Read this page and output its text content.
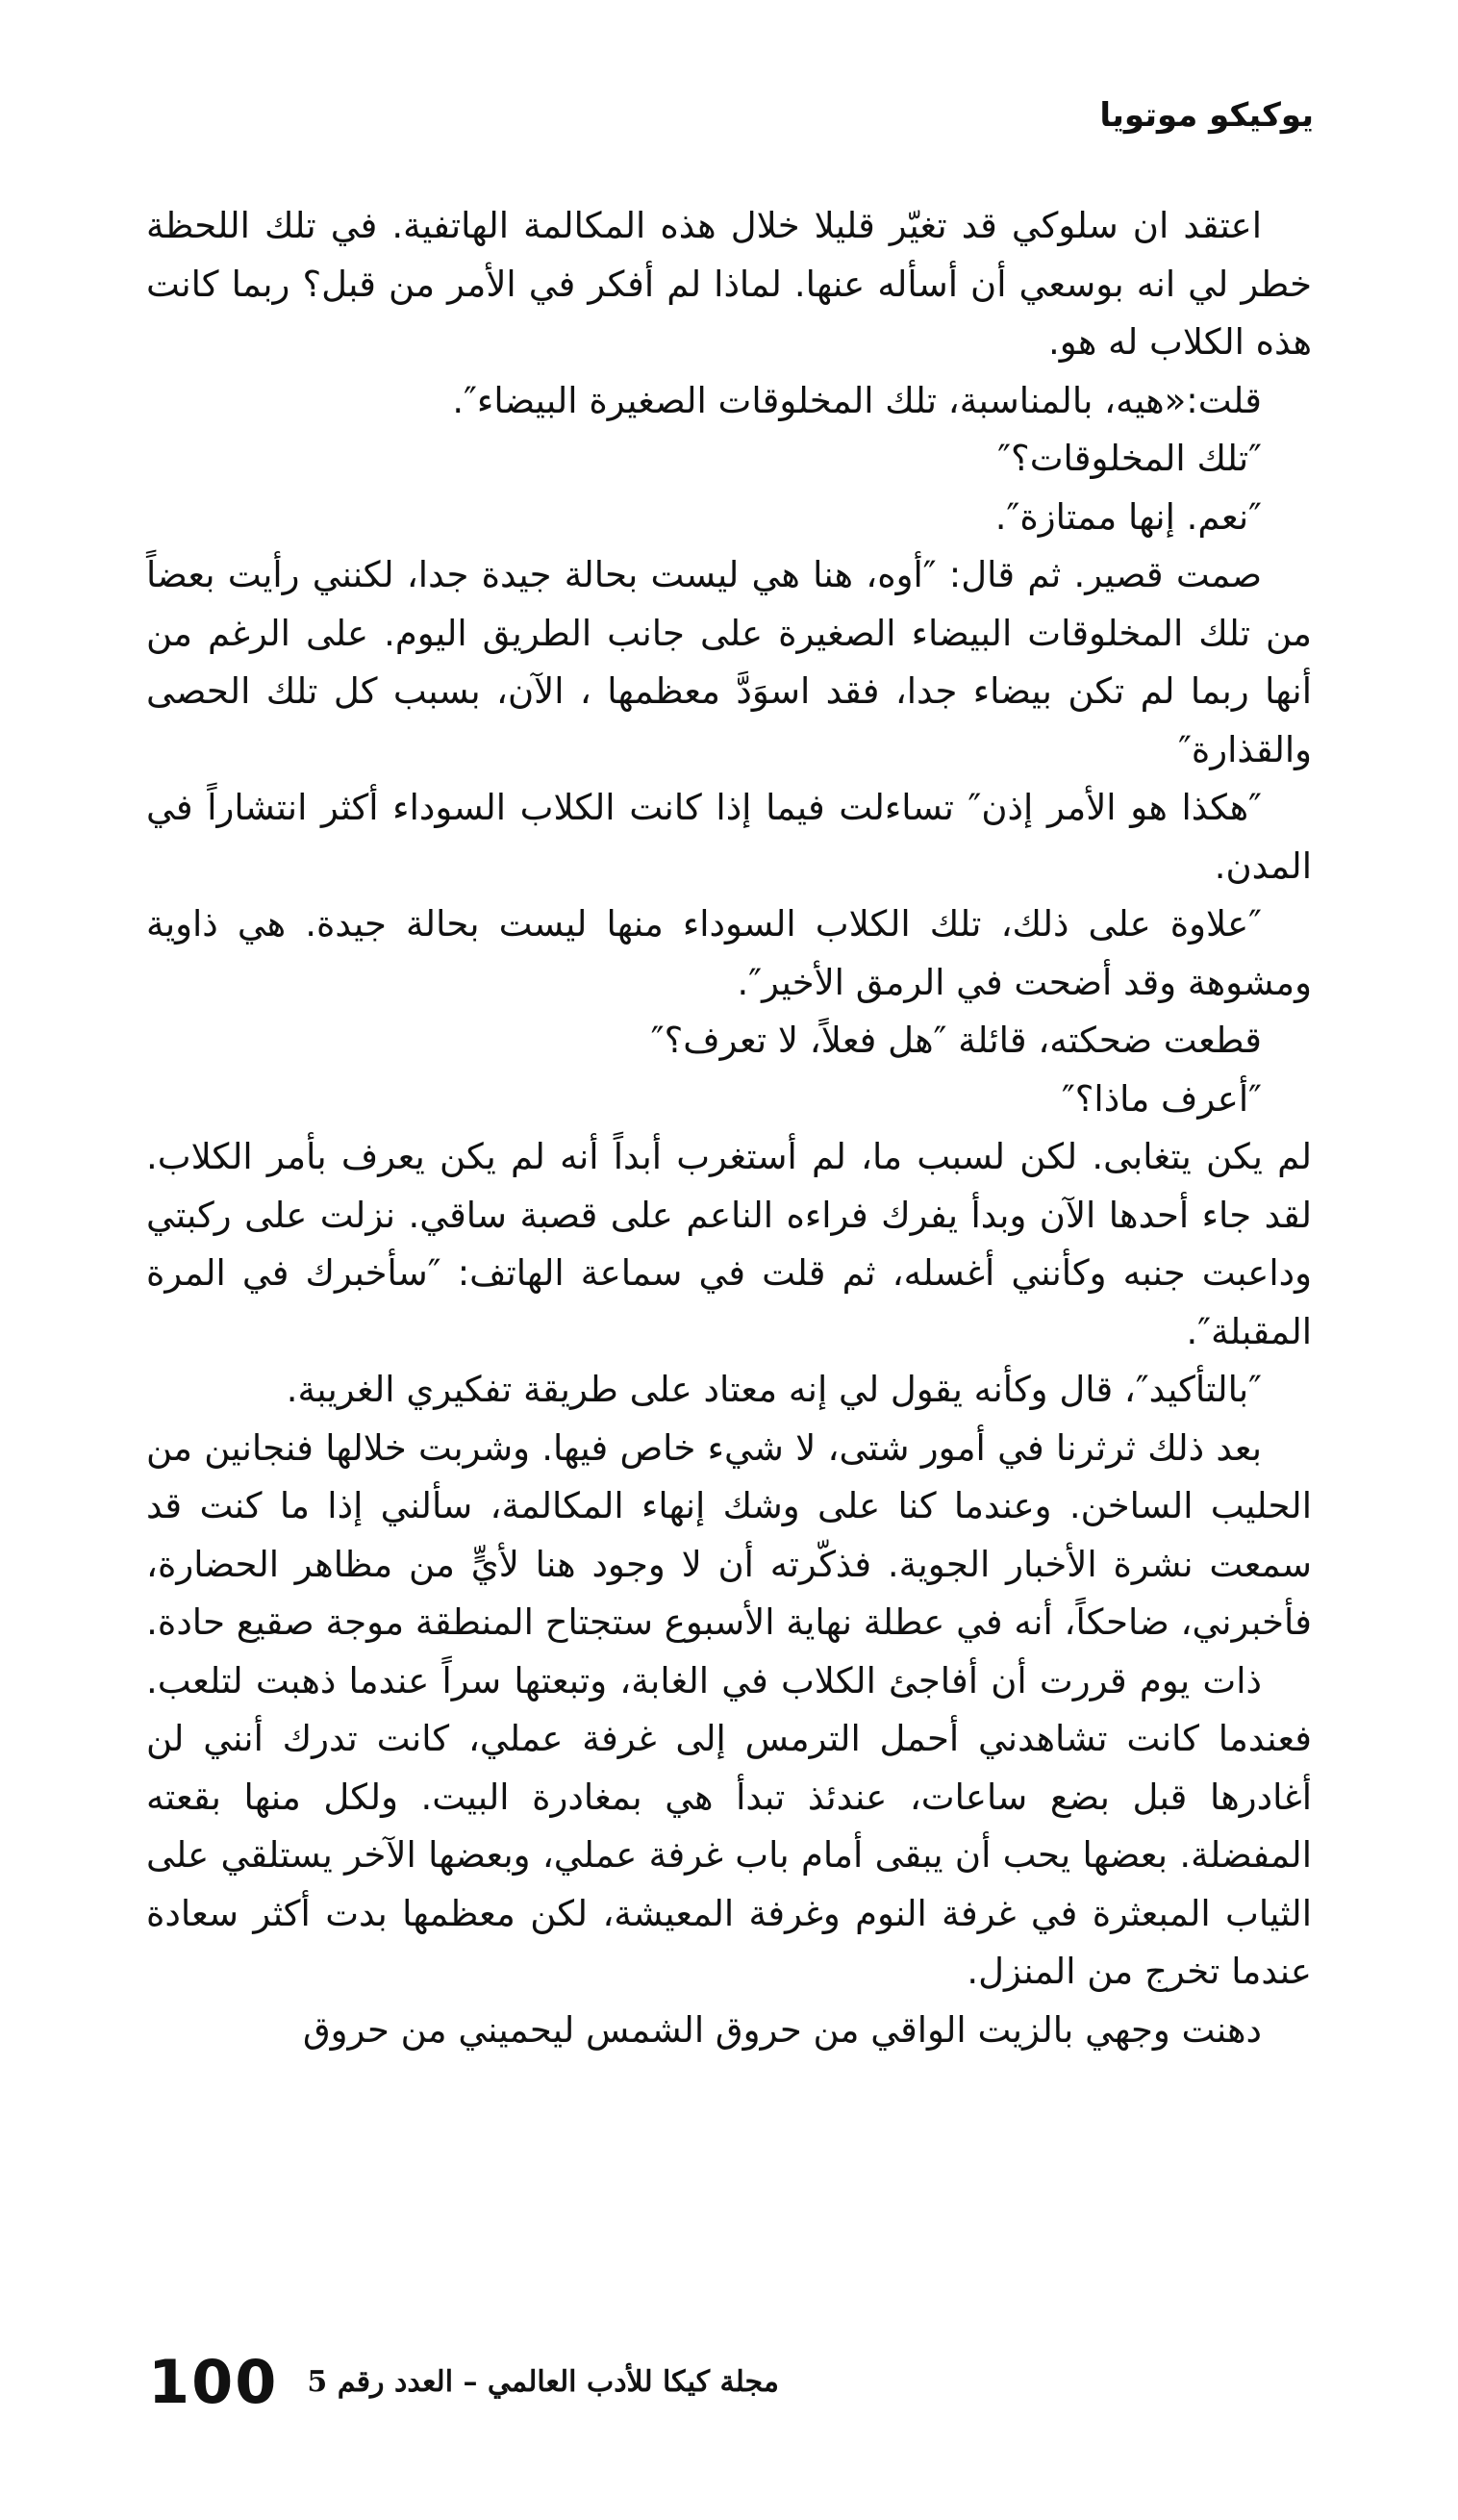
يوكيكو موتويا

اعتقد ان سلوكي قد تغيّر قليلا خلال هذه المكالمة الهاتفية. في تلك اللحظة خطر لي انه بوسعي أن أسأله عنها. لماذا لم أفكر في الأمر من قبل؟ ربما كانت هذه الكلاب له هو.

قلت:«هيه، بالمناسبة، تلك المخلوقات الصغيرة البيضاء″.

″تلك المخلوقات؟″

″نعم. إنها ممتازة″.

صمت قصير. ثم قال: ″أوه، هنا هي ليست بحالة جيدة جدا، لكنني رأيت بعضاً من تلك المخلوقات البيضاء الصغيرة على جانب الطريق اليوم. على الرغم من أنها ربما لم تكن بيضاء جدا، فقد اسوَدَّ معظمها ، الآن، بسبب كل تلك الحصى والقذارة″

″هكذا هو الأمر إذن″ تساءلت فيما إذا كانت الكلاب السوداء أكثر انتشاراً في المدن.

″علاوة على ذلك، تلك الكلاب السوداء منها ليست بحالة جيدة. هي ذاوية ومشوهة وقد أضحت في الرمق الأخير″.

قطعت ضحكته، قائلة ″هل فعلاً، لا تعرف؟″

″أعرف ماذا؟″

لم يكن يتغابى. لكن لسبب ما، لم أستغرب أبداً أنه لم يكن يعرف بأمر الكلاب. لقد جاء أحدها الآن وبدأ يفرك فراءه الناعم على قصبة ساقي. نزلت على ركبتي وداعبت جنبه وكأنني أغسله، ثم قلت في سماعة الهاتف: ″سأخبرك في المرة المقبلة″.

″بالتأكيد″، قال وكأنه يقول لي إنه معتاد على طريقة تفكيري الغريبة.

بعد ذلك ثرثرنا في أمور شتى، لا شيء خاص فيها. وشربت خلالها فنجانين من الحليب الساخن. وعندما كنا على وشك إنهاء المكالمة، سألني إذا ما كنت قد سمعت نشرة الأخبار الجوية. فذكّرته أن لا وجود هنا لأيٍّ من مظاهر الحضارة، فأخبرني، ضاحكاً، أنه في عطلة نهاية الأسبوع ستجتاح المنطقة موجة صقيع حادة.

ذات يوم قررت أن أفاجئ الكلاب في الغابة، وتبعتها سراً عندما ذهبت لتلعب. فعندما كانت تشاهدني أحمل الترمس إلى غرفة عملي، كانت تدرك أنني لن أغادرها قبل بضع ساعات، عندئذ تبدأ هي بمغادرة البيت. ولكل منها بقعته المفضلة. بعضها يحب أن يبقى أمام باب غرفة عملي، وبعضها الآخر يستلقي على الثياب المبعثرة في غرفة النوم وغرفة المعيشة، لكن معظمها بدت أكثر سعادة عندما تخرج من المنزل.

دهنت وجهي بالزيت الواقي من حروق الشمس ليحميني من حروق

100 مجلة كيكا للأدب العالمي – العدد رقم 5
